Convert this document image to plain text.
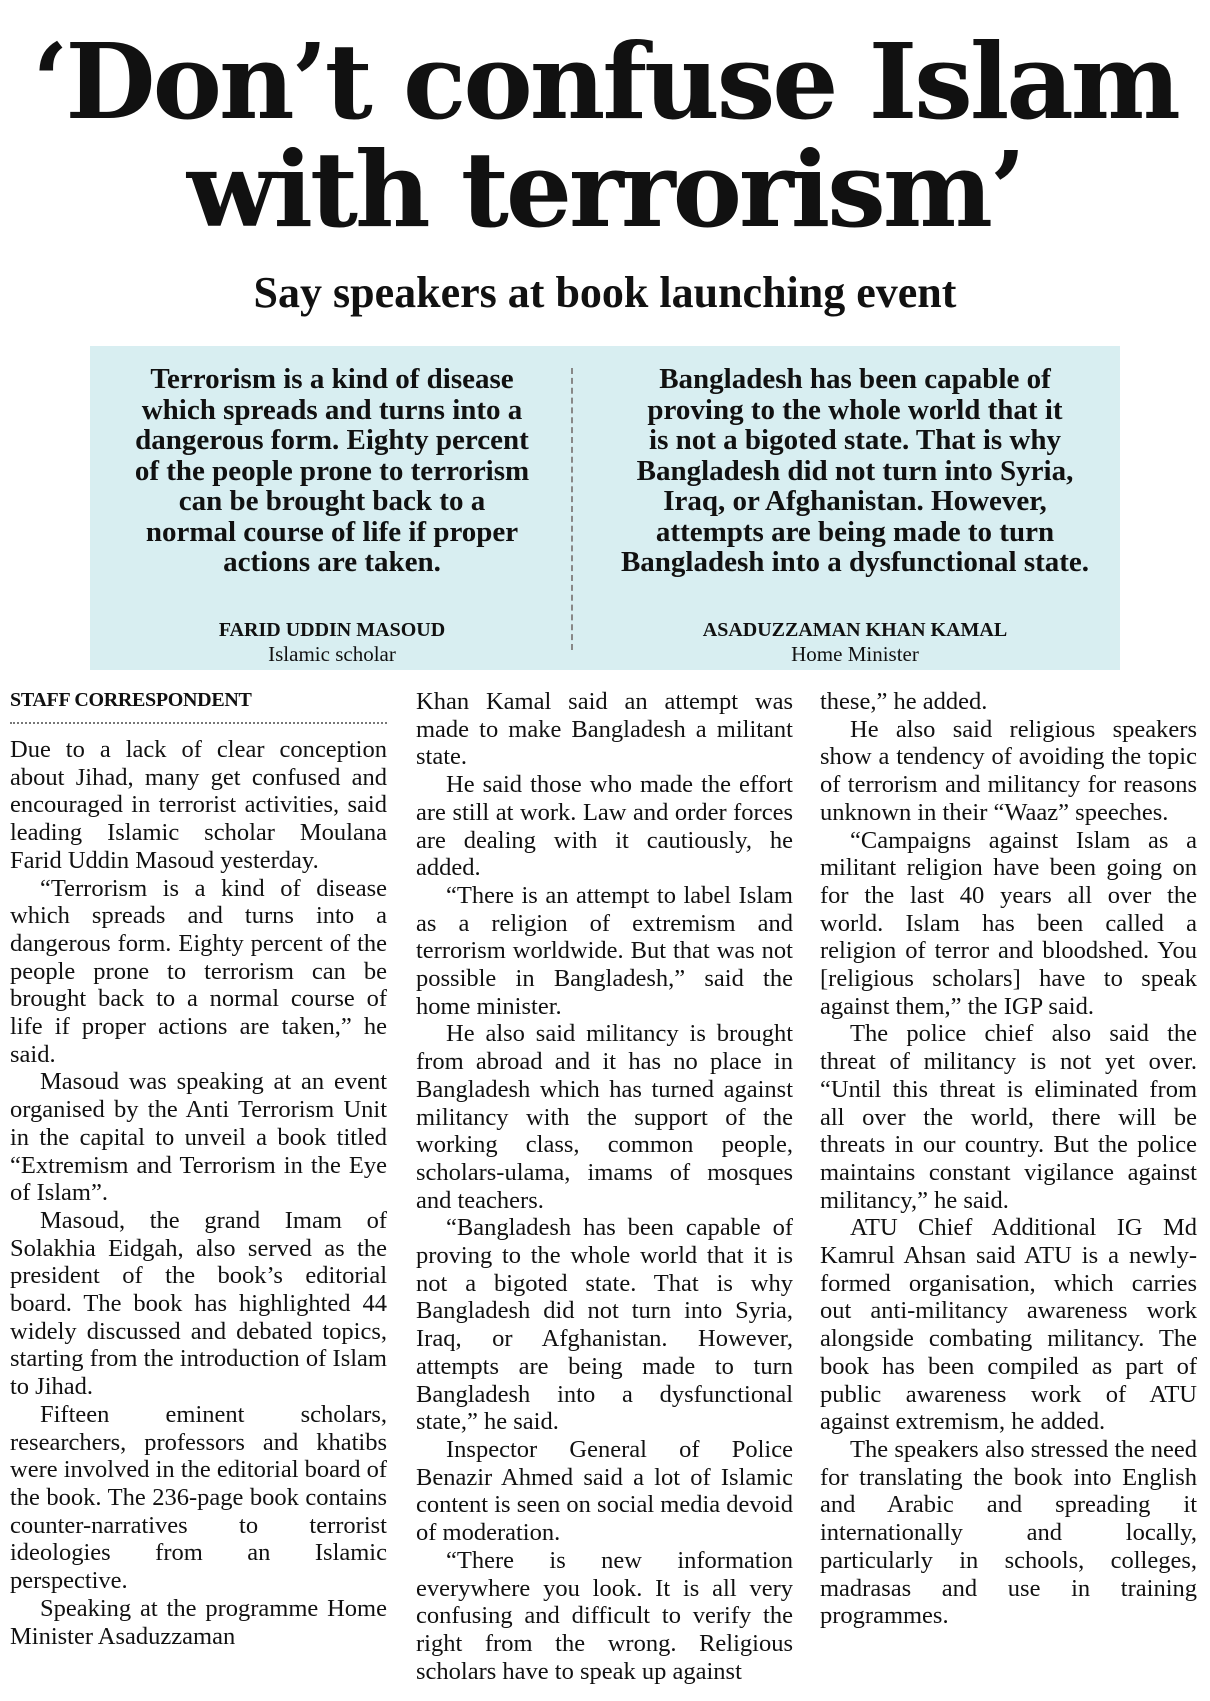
‘Don’t confuse Islam
with terrorism’
Say speakers at book launching event
Terrorism is a kind of disease
which spreads and turns into a
dangerous form. Eighty percent
of the people prone to terrorism
can be brought back to a
normal course of life if proper
actions are taken.
FARID UDDIN MASOUD
Islamic scholar
Bangladesh has been capable of
proving to the whole world that it
is not a bigoted state. That is why
Bangladesh did not turn into Syria,
Iraq, or Afghanistan. However,
attempts are being made to turn
Bangladesh into a dysfunctional state.
ASADUZZAMAN KHAN KAMAL
Home Minister
STAFF CORRESPONDENT

Due to a lack of clear conception about Jihad, many get confused and encouraged in terrorist activities, said leading Islamic scholar Moulana Farid Uddin Masoud yesterday.

“Terrorism is a kind of disease which spreads and turns into a dangerous form. Eighty percent of the people prone to terrorism can be brought back to a normal course of life if proper actions are taken,” he said.

Masoud was speaking at an event organised by the Anti Terrorism Unit in the capital to unveil a book titled “Extremism and Terrorism in the Eye of Islam”.

Masoud, the grand Imam of Solakhia Eidgah, also served as the president of the book’s editorial board. The book has highlighted 44 widely discussed and debated topics, starting from the introduction of Islam to Jihad.

Fifteen eminent scholars, researchers, professors and khatibs were involved in the editorial board of the book. The 236-page book contains counter-narratives to terrorist ideologies from an Islamic perspective.

Speaking at the programme Home Minister Asaduzzaman

Khan Kamal said an attempt was made to make Bangladesh a militant state.

He said those who made the effort are still at work. Law and order forces are dealing with it cautiously, he added.

“There is an attempt to label Islam as a religion of extremism and terrorism worldwide. But that was not possible in Bangladesh,” said the home minister.

He also said militancy is brought from abroad and it has no place in Bangladesh which has turned against militancy with the support of the working class, common people, scholars-ulama, imams of mosques and teachers.

“Bangladesh has been capable of proving to the whole world that it is not a bigoted state. That is why Bangladesh did not turn into Syria, Iraq, or Afghanistan. However, attempts are being made to turn Bangladesh into a dysfunctional state,” he said.

Inspector General of Police Benazir Ahmed said a lot of Islamic content is seen on social media devoid of moderation.

“There is new information everywhere you look. It is all very confusing and difficult to verify the right from the wrong. Religious scholars have to speak up against

these,” he added.

He also said religious speakers show a tendency of avoiding the topic of terrorism and militancy for reasons unknown in their “Waaz” speeches.

“Campaigns against Islam as a militant religion have been going on for the last 40 years all over the world. Islam has been called a religion of terror and bloodshed. You [religious scholars] have to speak against them,” the IGP said.

The police chief also said the threat of militancy is not yet over. “Until this threat is eliminated from all over the world, there will be threats in our country. But the police maintains constant vigilance against militancy,” he said.

ATU Chief Additional IG Md Kamrul Ahsan said ATU is a newly-formed organisation, which carries out anti-militancy awareness work alongside combating militancy. The book has been compiled as part of public awareness work of ATU against extremism, he added.

The speakers also stressed the need for translating the book into English and Arabic and spreading it internationally and locally, particularly in schools, colleges, madrasas and use in training programmes.
